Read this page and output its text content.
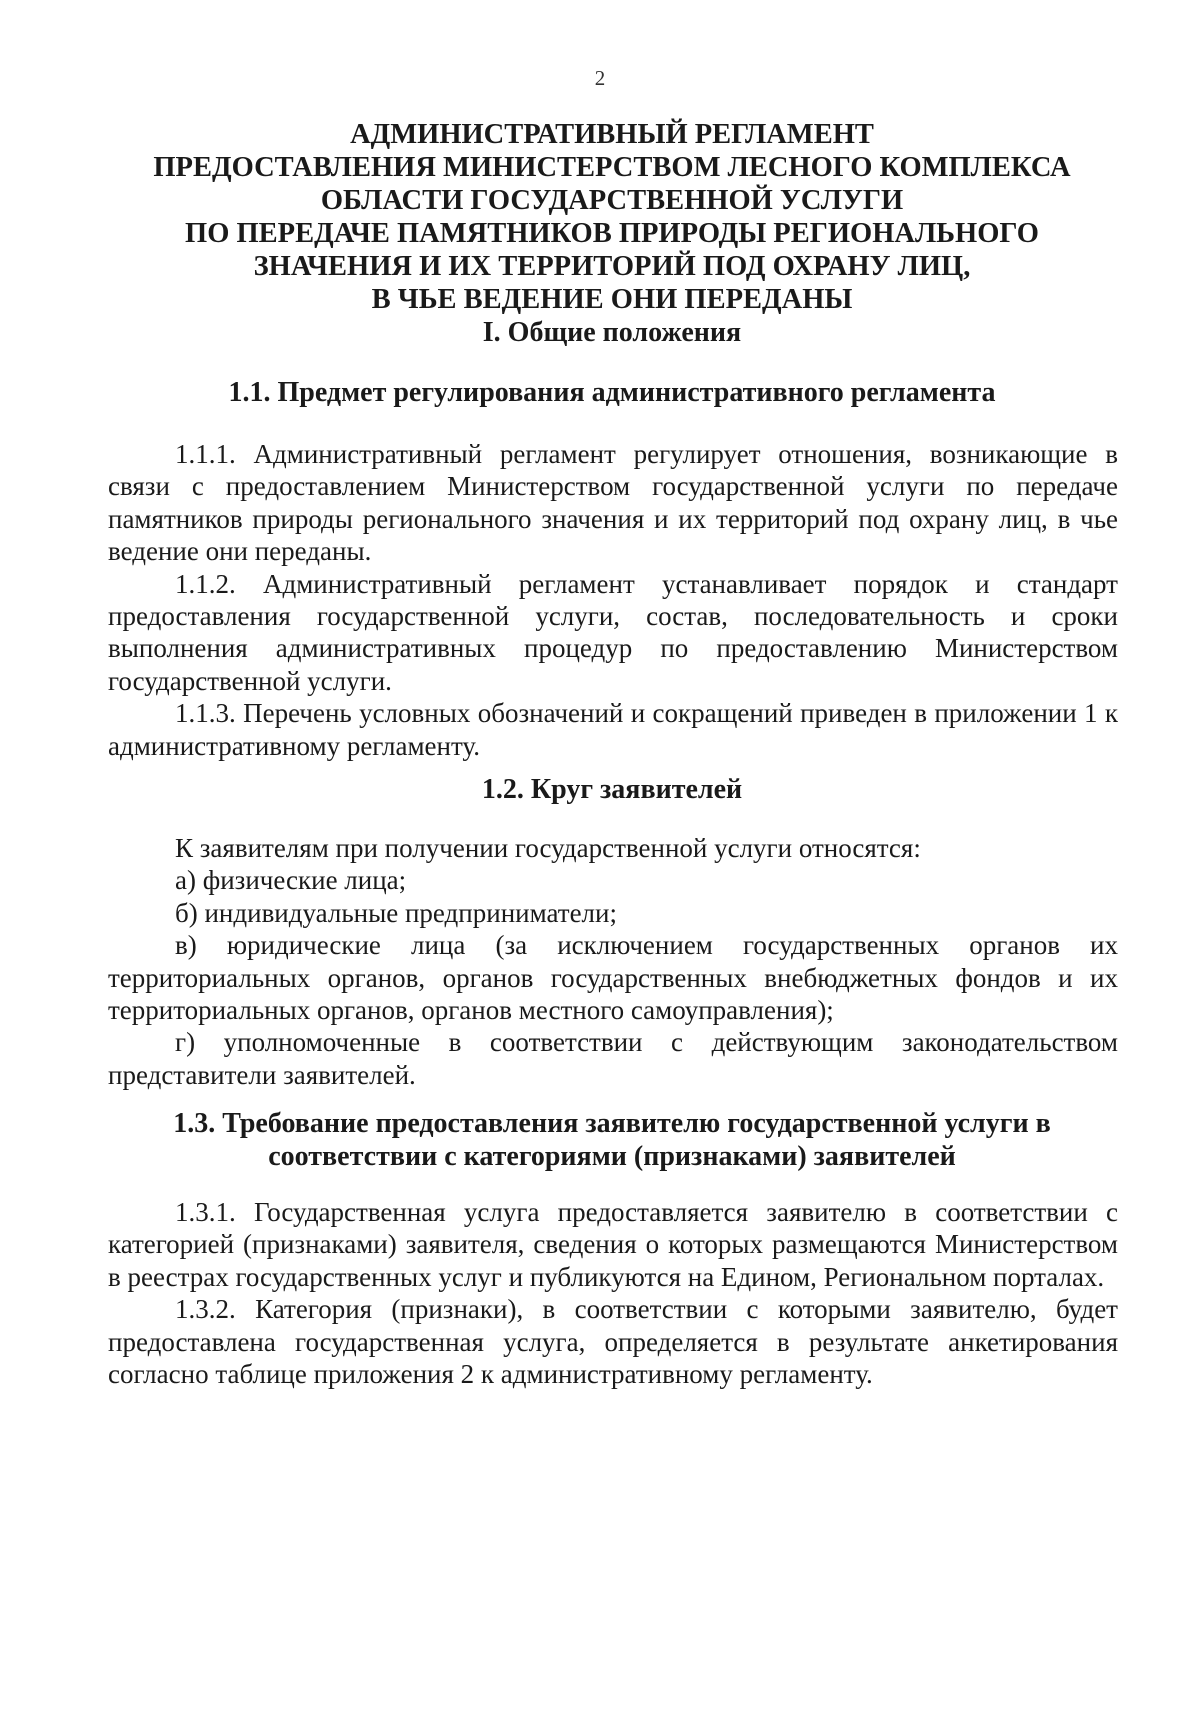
2
АДМИНИСТРАТИВНЫЙ РЕГЛАМЕНТ
ПРЕДОСТАВЛЕНИЯ МИНИСТЕРСТВОМ ЛЕСНОГО КОМПЛЕКСА
ОБЛАСТИ ГОСУДАРСТВЕННОЙ УСЛУГИ
ПО ПЕРЕДАЧЕ ПАМЯТНИКОВ ПРИРОДЫ РЕГИОНАЛЬНОГО
ЗНАЧЕНИЯ И ИХ ТЕРРИТОРИЙ ПОД ОХРАНУ ЛИЦ,
В ЧЬЕ ВЕДЕНИЕ ОНИ ПЕРЕДАНЫ
I. Общие положения
1.1. Предмет регулирования административного регламента

1.1.1. Административный регламент регулирует отношения, возникающие в связи с предоставлением Министерством государственной услуги по передаче памятников природы регионального значения и их территорий под охрану лиц, в чье ведение они переданы.

1.1.2. Административный регламент устанавливает порядок и стандарт предоставления государственной услуги, состав, последовательность и сроки выполнения административных процедур по предоставлению Министерством государственной услуги.

1.1.3. Перечень условных обозначений и сокращений приведен в приложении 1 к административному регламенту.

1.2. Круг заявителей

К заявителям при получении государственной услуги относятся:

а) физические лица;

б) индивидуальные предприниматели;

в) юридические лица (за исключением государственных органов их территориальных органов, органов государственных внебюджетных фондов и их территориальных органов, органов местного самоуправления);

г) уполномоченные в соответствии с действующим законодательством представители заявителей.

1.3. Требование предоставления заявителю государственной услуги в
соответствии с категориями (признаками) заявителей

1.3.1. Государственная услуга предоставляется заявителю в соответствии с категорией (признаками) заявителя, сведения о которых размещаются Министерством в реестрах государственных услуг и публикуются на Едином, Региональном порталах.

1.3.2. Категория (признаки), в соответствии с которыми заявителю, будет предоставлена государственная услуга, определяется в результате анкетирования согласно таблице приложения 2 к административному регламенту.
